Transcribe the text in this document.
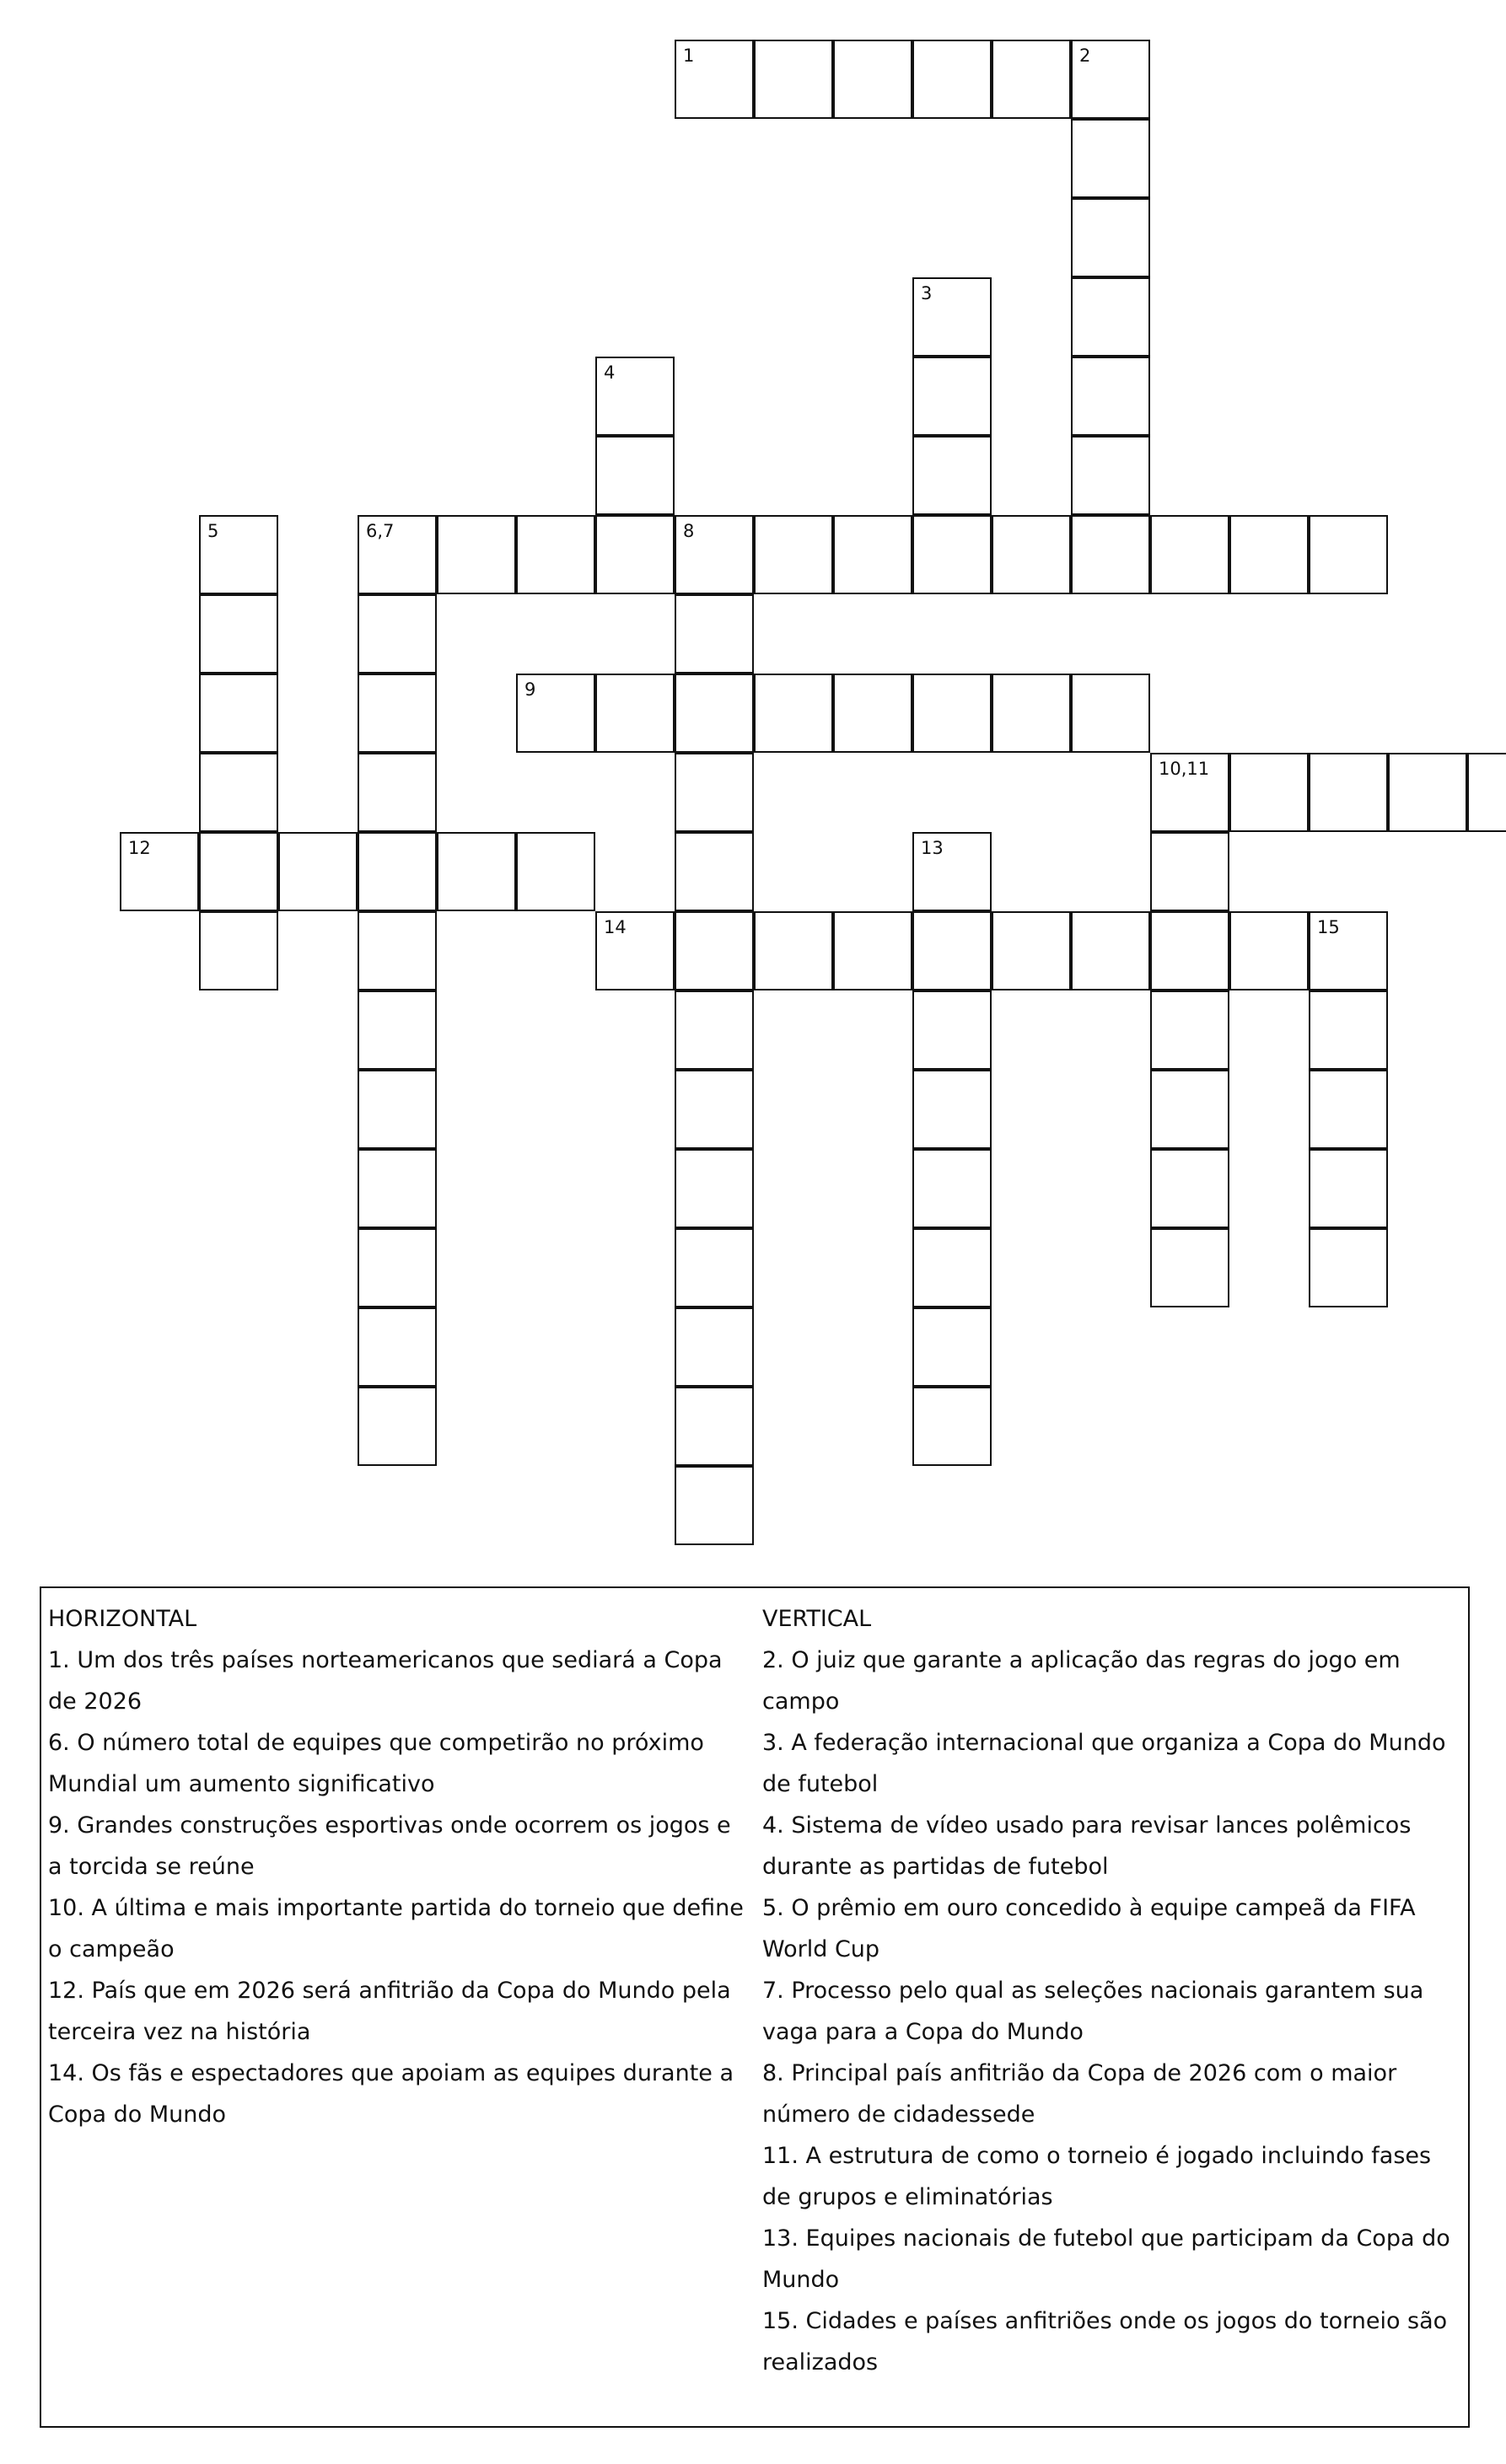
1	2
3
4
5	6,7	8
9
10,11
12	13
14	15
HORIZONTAL
1. Um dos três países norteamericanos que sediará a Copa de 2026
6. O número total de equipes que competirão no próximo Mundial um aumento significativo
9. Grandes construções esportivas onde ocorrem os jogos e a torcida se reúne
10. A última e mais importante partida do torneio que define o campeão
12. País que em 2026 será anfitrião da Copa do Mundo pela terceira vez na história
14. Os fãs e espectadores que apoiam as equipes durante a Copa do Mundo
VERTICAL
2. O juiz que garante a aplicação das regras do jogo em campo
3. A federação internacional que organiza a Copa do Mundo de futebol
4. Sistema de vídeo usado para revisar lances polêmicos durante as partidas de futebol
5. O prêmio em ouro concedido à equipe campeã da FIFA World Cup
7. Processo pelo qual as seleções nacionais garantem sua vaga para a Copa do Mundo
8. Principal país anfitrião da Copa de 2026 com o maior número de cidadessede
11. A estrutura de como o torneio é jogado incluindo fases de grupos e eliminatórias
13. Equipes nacionais de futebol que participam da Copa do Mundo
15. Cidades e países anfitriões onde os jogos do torneio são realizados
